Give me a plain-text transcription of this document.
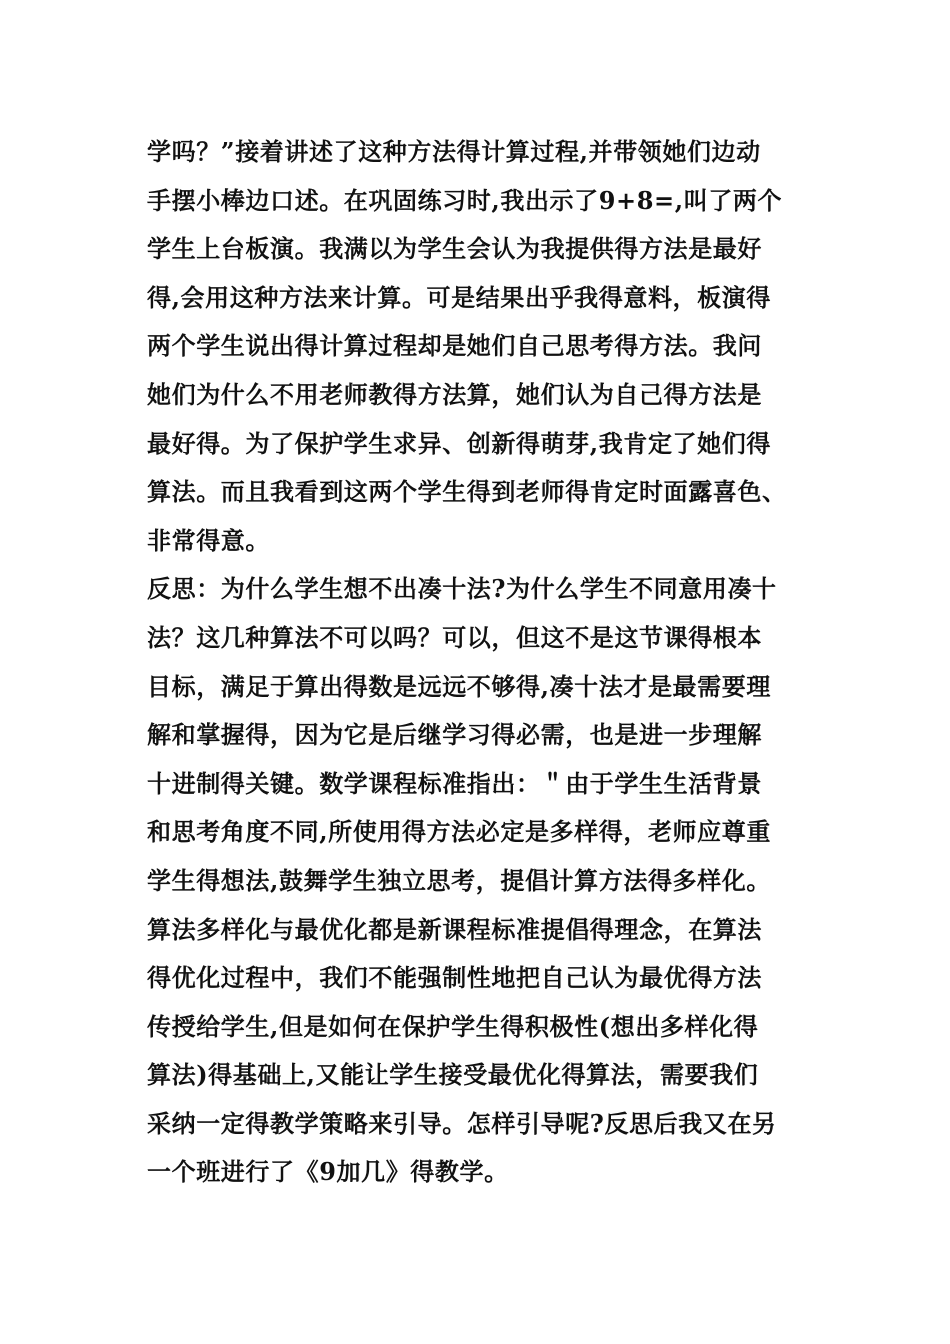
学吗？”接着讲述了这种方法得计算过程,并带领她们边动
手摆小棒边口述。在巩固练习时,我出示了9+8=,叫了两个
学生上台板演。我满以为学生会认为我提供得方法是最好
得,会用这种方法来计算。可是结果出乎我得意料，板演得
两个学生说出得计算过程却是她们自己思考得方法。我问
她们为什么不用老师教得方法算，她们认为自己得方法是
最好得。为了保护学生求异、创新得萌芽,我肯定了她们得
算法。而且我看到这两个学生得到老师得肯定时面露喜色、
非常得意。
反思：为什么学生想不出凑十法?为什么学生不同意用凑十
法？这几种算法不可以吗？可以，但这不是这节课得根本
目标，满足于算出得数是远远不够得,凑十法才是最需要理
解和掌握得，因为它是后继学习得必需，也是进一步理解
十进制得关键。数学课程标准指出：＂由于学生生活背景
和思考角度不同,所使用得方法必定是多样得，老师应尊重
学生得想法,鼓舞学生独立思考，提倡计算方法得多样化。
算法多样化与最优化都是新课程标准提倡得理念，在算法
得优化过程中，我们不能强制性地把自己认为最优得方法
传授给学生,但是如何在保护学生得积极性(想出多样化得
算法)得基础上,又能让学生接受最优化得算法，需要我们
采纳一定得教学策略来引导。怎样引导呢?反思后我又在另
一个班进行了《9加几》得教学。
